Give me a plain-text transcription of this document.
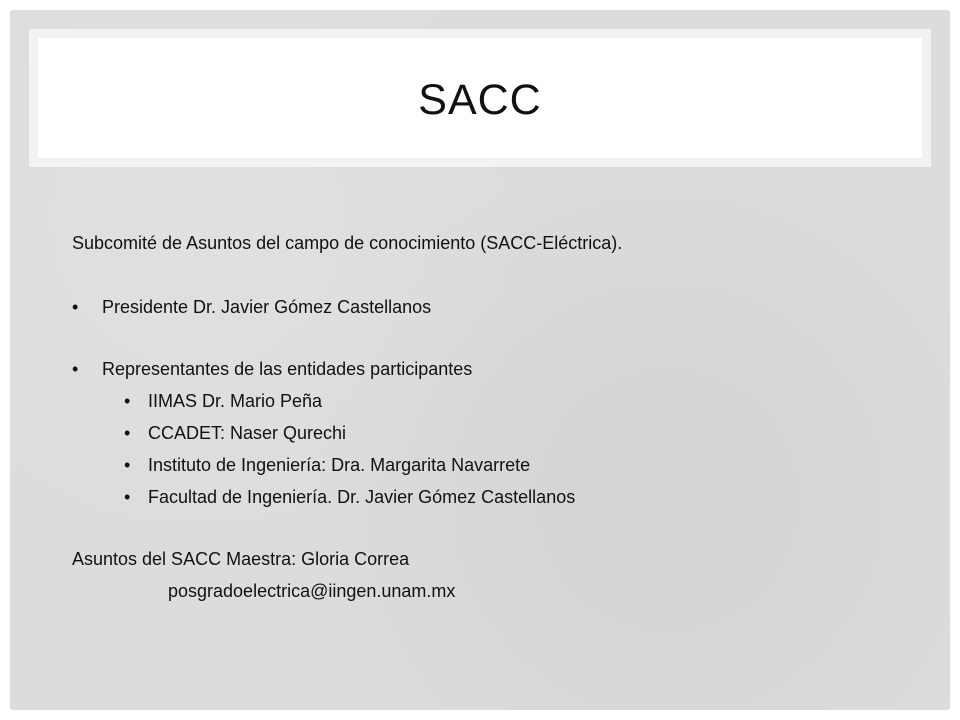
SACC
Subcomité de Asuntos del campo de conocimiento (SACC-Eléctrica).
• Presidente Dr. Javier Gómez Castellanos
• Representantes de las entidades participantes
• IIMAS Dr. Mario Peña
• CCADET: Naser Qurechi
• Instituto de Ingeniería: Dra. Margarita Navarrete
• Facultad de Ingeniería. Dr. Javier Gómez Castellanos
Asuntos del SACC Maestra: Gloria Correa
posgradoelectrica@iingen.unam.mx
